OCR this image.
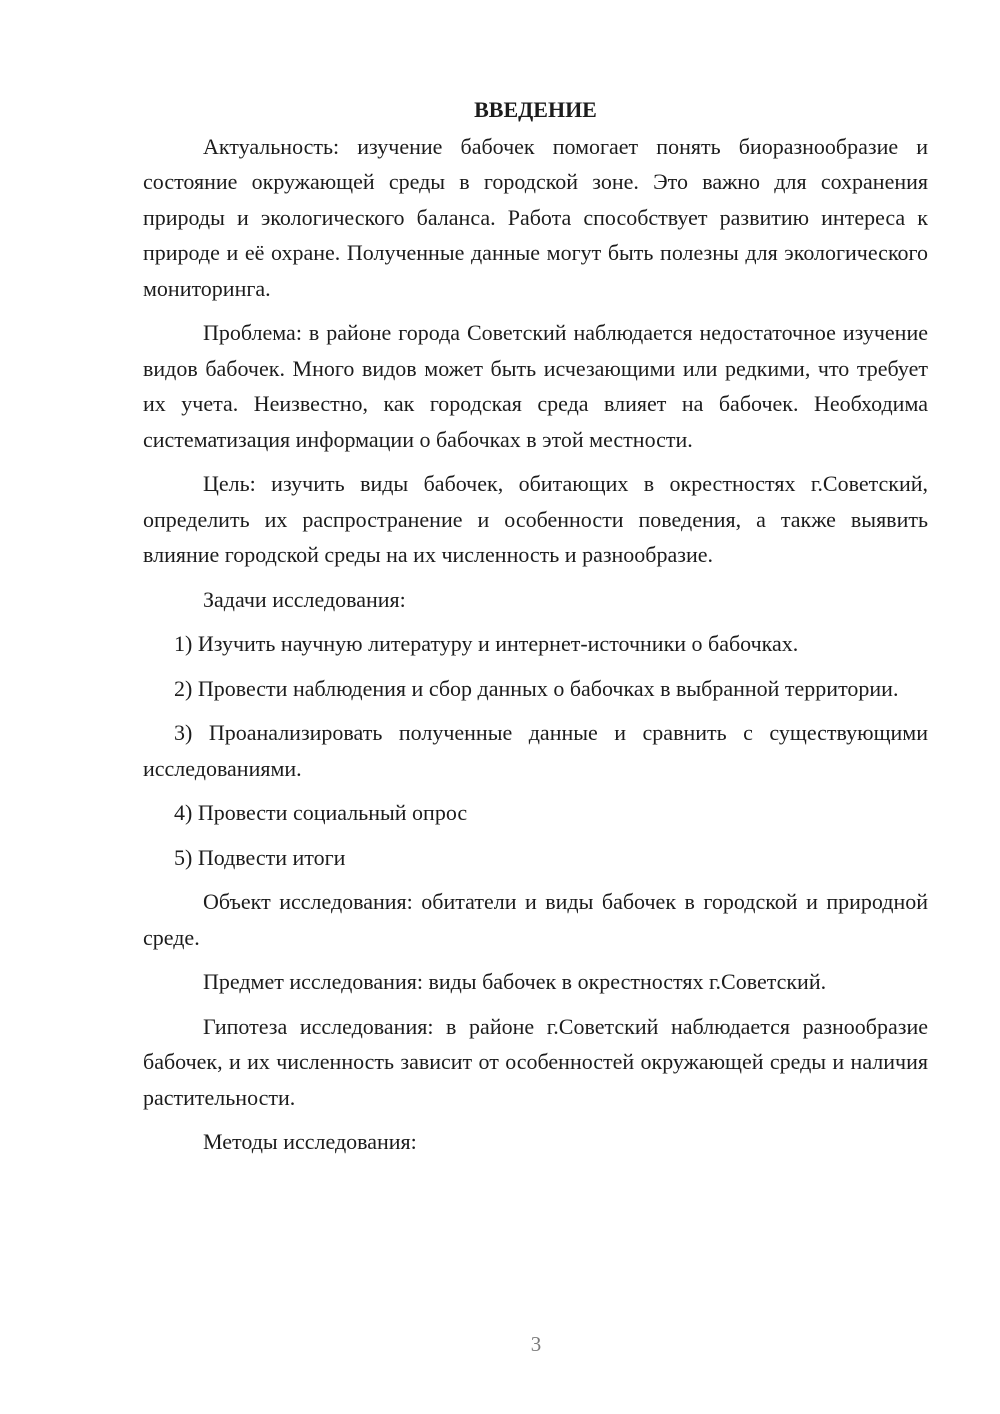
ВВЕДЕНИЕ

Актуальность: изучение бабочек помогает понять биоразнообразие и состояние окружающей среды в городской зоне. Это важно для сохранения природы и экологического баланса. Работа способствует развитию интереса к природе и её охране. Полученные данные могут быть полезны для экологического мониторинга.

Проблема: в районе города Советский наблюдается недостаточное изучение видов бабочек. Много видов может быть исчезающими или редкими, что требует их учета. Неизвестно, как городская среда влияет на бабочек. Необходима систематизация информации о бабочках в этой местности.

Цель: изучить виды бабочек, обитающих в окрестностях г.Советский, определить их распространение и особенности поведения, а также выявить влияние городской среды на их численность и разнообразие.

Задачи исследования:

1) Изучить научную литературу и интернет-источники о бабочках.

2) Провести наблюдения и сбор данных о бабочках в выбранной территории.

3) Проанализировать полученные данные и сравнить с существующими исследованиями.

4) Провести социальный опрос

5) Подвести итоги

Объект исследования: обитатели и виды бабочек в городской и природной среде.

Предмет исследования: виды бабочек в окрестностях г.Советский.

Гипотеза исследования: в районе г.Советский наблюдается разнообразие бабочек, и их численность зависит от особенностей окружающей среды и наличия растительности.

Методы исследования:

3
